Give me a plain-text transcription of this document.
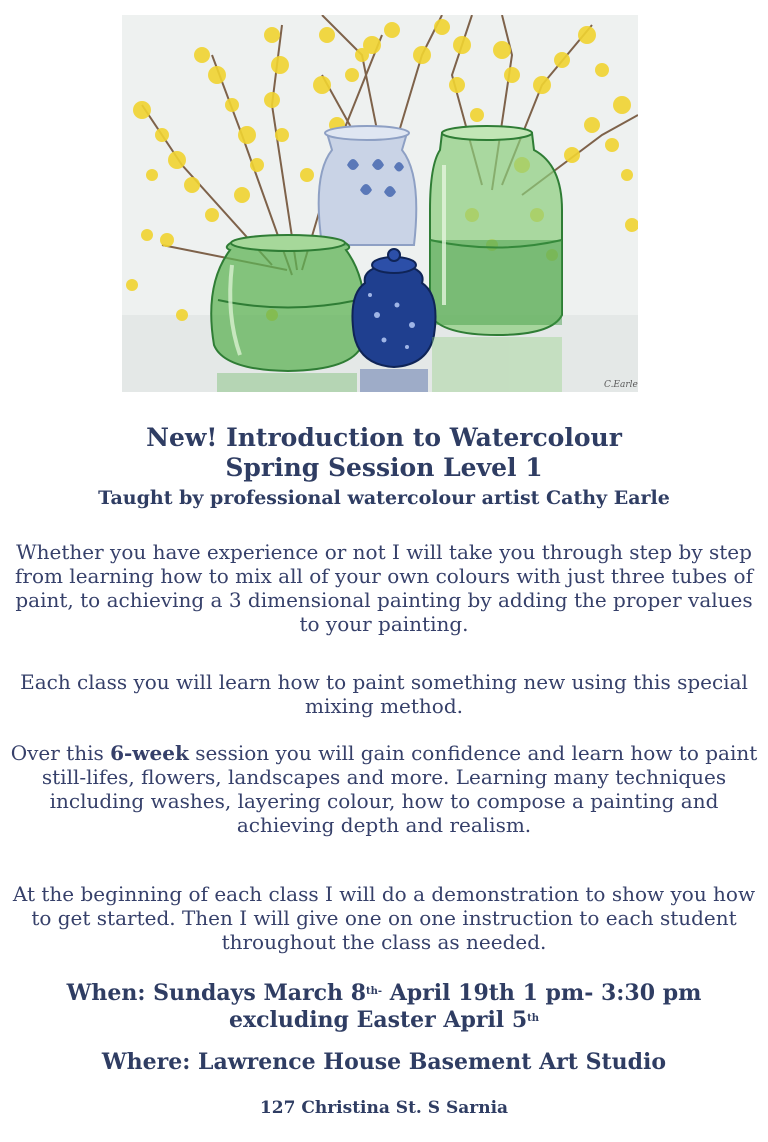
C.Earle
New! Introduction to Watercolour
Spring Session Level 1
Taught by professional watercolour artist Cathy Earle
Whether you have experience or not I will take you through step by step from learning how to mix all of your own colours with just three tubes of paint, to achieving a 3 dimensional painting by adding the proper values to your painting.
Each class you will learn how to paint something new using this special mixing method.
Over this 6-week session you will gain confidence and learn how to paint still-lifes, flowers, landscapes and more. Learning many techniques including washes, layering colour, how to compose a painting and achieving depth and realism.
At the beginning of each class I will do a demonstration to show you how to get started. Then I will give one on one instruction to each student throughout the class as needed.
When: Sundays March $8^{th-}$ April 19th 1 pm- 3:30 pm
excluding Easter April 5th
Where: Lawrence House Basement Art Studio
127 Christina St. S Sarnia
